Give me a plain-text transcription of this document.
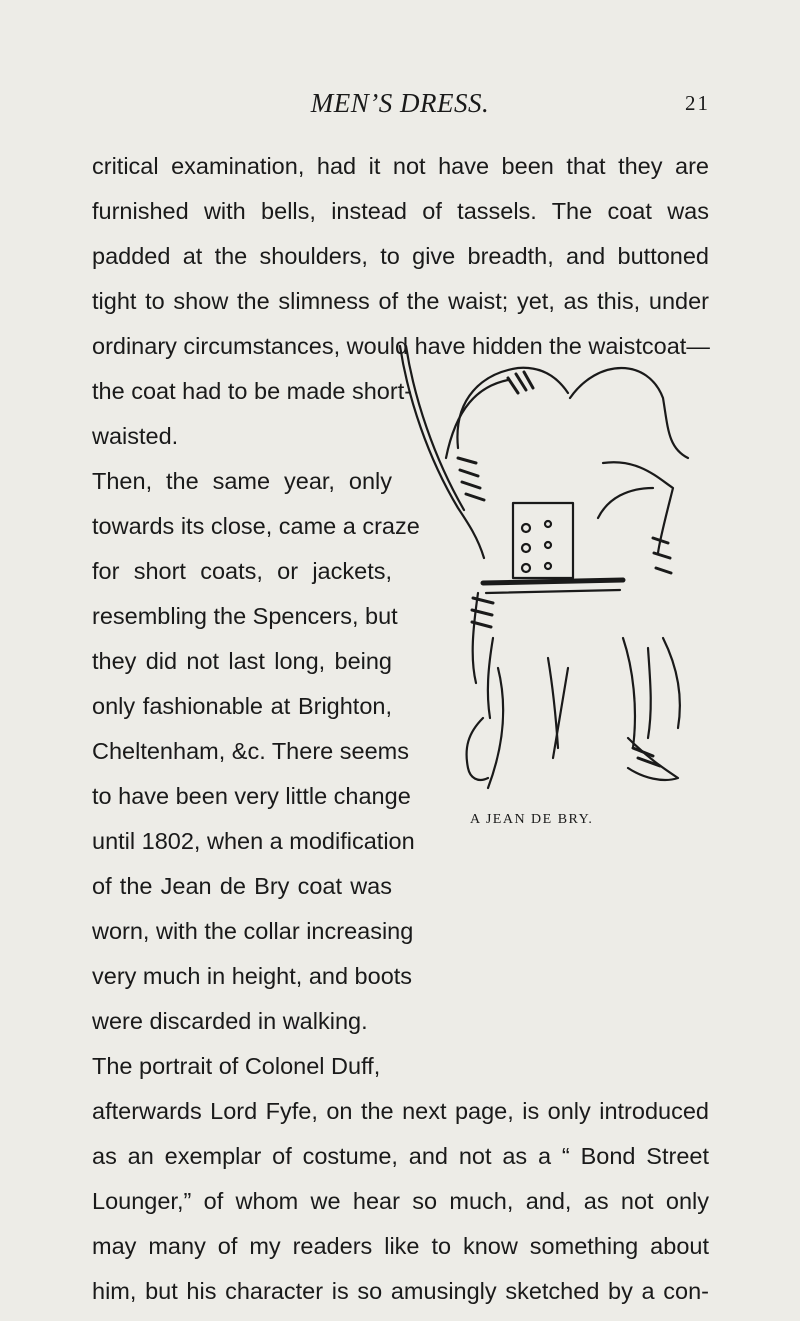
MEN’S DRESS.	21
critical examination, had it not have been that they are
furnished with bells, instead of tassels. The coat was
padded at the shoulders, to give breadth, and buttoned
tight to show the slimness of the waist; yet, as this, under
ordinary circumstances, would have hidden the waistcoat—
the coat had to be made short-
waisted.
Then, the same year, only
towards its close, came a craze
for short coats, or jackets,
resembling the Spencers, but
they did not last long, being
only fashionable at Brighton,
Cheltenham, &c. There seems
to have been very little change
until 1802, when a modification
of the Jean de Bry coat was
worn, with the collar increasing
very much in height, and boots
were discarded in walking.
The portrait of Colonel Duff,
afterwards Lord Fyfe, on the next page, is only introduced
as an exemplar of costume, and not as a “ Bond Street
Lounger,” of whom we hear so much, and, as not only
may many of my readers like to know something about
him, but his character is so amusingly sketched by a con-
A JEAN DE BRY.
